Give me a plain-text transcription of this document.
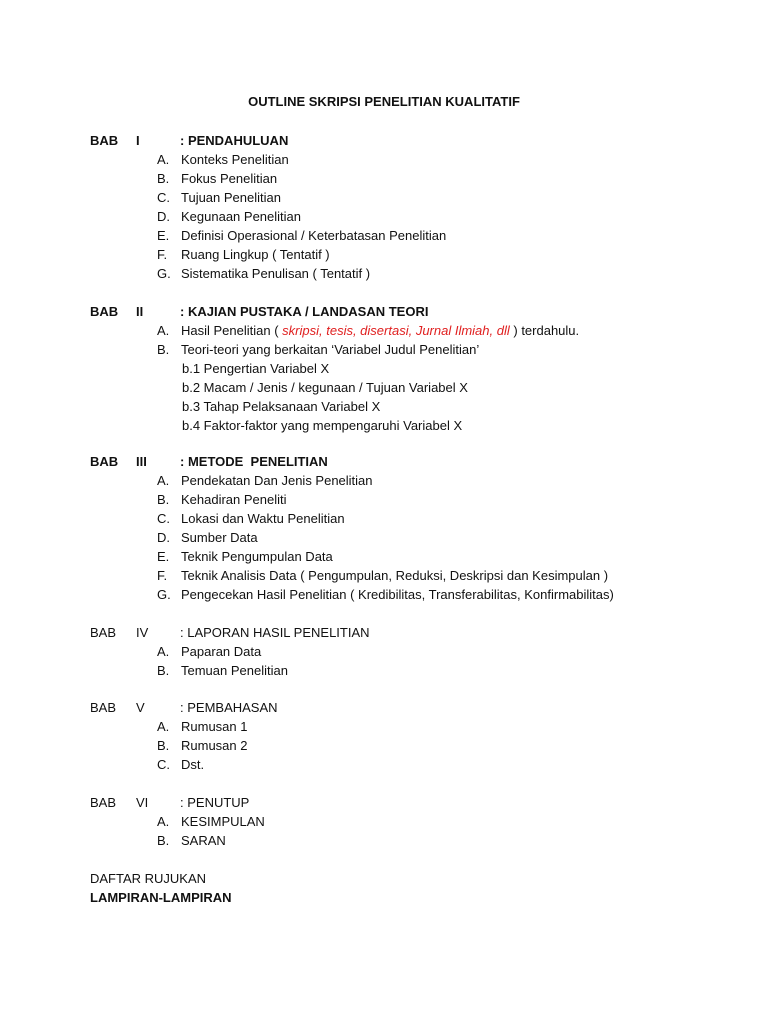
OUTLINE SKRIPSI PENELITIAN KUALITATIF
BAB I	: PENDAHULUAN
A. Konteks Penelitian
B. Fokus Penelitian
C. Tujuan Penelitian
D. Kegunaan Penelitian
E. Definisi Operasional / Keterbatasan Penelitian
F. Ruang Lingkup ( Tentatif )
G. Sistematika Penulisan ( Tentatif )
BAB II	: KAJIAN PUSTAKA / LANDASAN TEORI
A. Hasil Penelitian ( skripsi, tesis, disertasi, Jurnal Ilmiah, dll ) terdahulu.
B. Teori-teori yang berkaitan ‘Variabel Judul Penelitian’
b.1 Pengertian Variabel X
b.2 Macam / Jenis / kegunaan / Tujuan Variabel X
b.3 Tahap Pelaksanaan Variabel X
b.4 Faktor-faktor yang mempengaruhi Variabel X
BAB III	: METODE  PENELITIAN
A. Pendekatan Dan Jenis Penelitian
B. Kehadiran Peneliti
C. Lokasi dan Waktu Penelitian
D. Sumber Data
E. Teknik Pengumpulan Data
F. Teknik Analisis Data ( Pengumpulan, Reduksi, Deskripsi dan Kesimpulan )
G. Pengecekan Hasil Penelitian ( Kredibilitas, Transferabilitas, Konfirmabilitas)
BAB IV : LAPORAN HASIL PENELITIAN
A. Paparan Data
B. Temuan Penelitian
BAB V	: PEMBAHASAN
A. Rumusan 1
B. Rumusan 2
C. Dst.
BAB VI : PENUTUP
A. KESIMPULAN
B. SARAN
DAFTAR RUJUKAN
LAMPIRAN-LAMPIRAN
